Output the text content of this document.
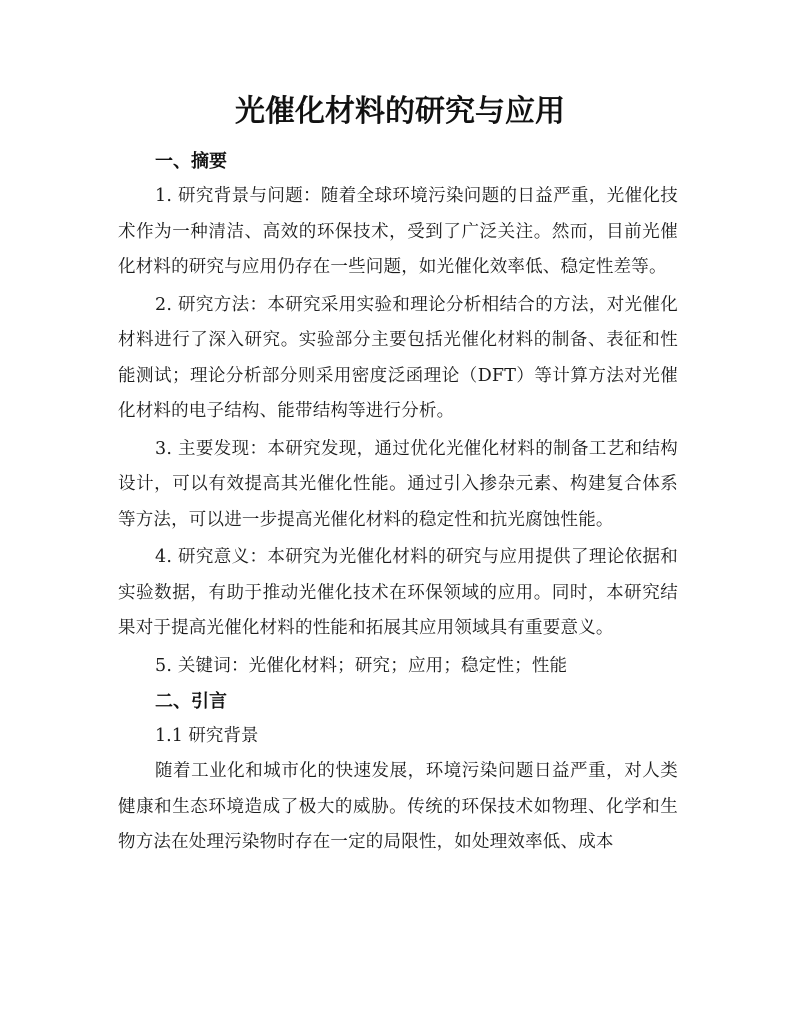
光催化材料的研究与应用

一、摘要

1. 研究背景与问题：随着全球环境污染问题的日益严重，光催化技术作为一种清洁、高效的环保技术，受到了广泛关注。然而，目前光催化材料的研究与应用仍存在一些问题，如光催化效率低、稳定性差等。

2. 研究方法：本研究采用实验和理论分析相结合的方法，对光催化材料进行了深入研究。实验部分主要包括光催化材料的制备、表征和性能测试；理论分析部分则采用密度泛函理论（DFT）等计算方法对光催化材料的电子结构、能带结构等进行分析。

3. 主要发现：本研究发现，通过优化光催化材料的制备工艺和结构设计，可以有效提高其光催化性能。通过引入掺杂元素、构建复合体系等方法，可以进一步提高光催化材料的稳定性和抗光腐蚀性能。

4. 研究意义：本研究为光催化材料的研究与应用提供了理论依据和实验数据，有助于推动光催化技术在环保领域的应用。同时，本研究结果对于提高光催化材料的性能和拓展其应用领域具有重要意义。

5. 关键词：光催化材料；研究；应用；稳定性；性能

二、引言

1.1 研究背景

随着工业化和城市化的快速发展，环境污染问题日益严重，对人类健康和生态环境造成了极大的威胁。传统的环保技术如物理、化学和生物方法在处理污染物时存在一定的局限性，如处理效率低、成本
